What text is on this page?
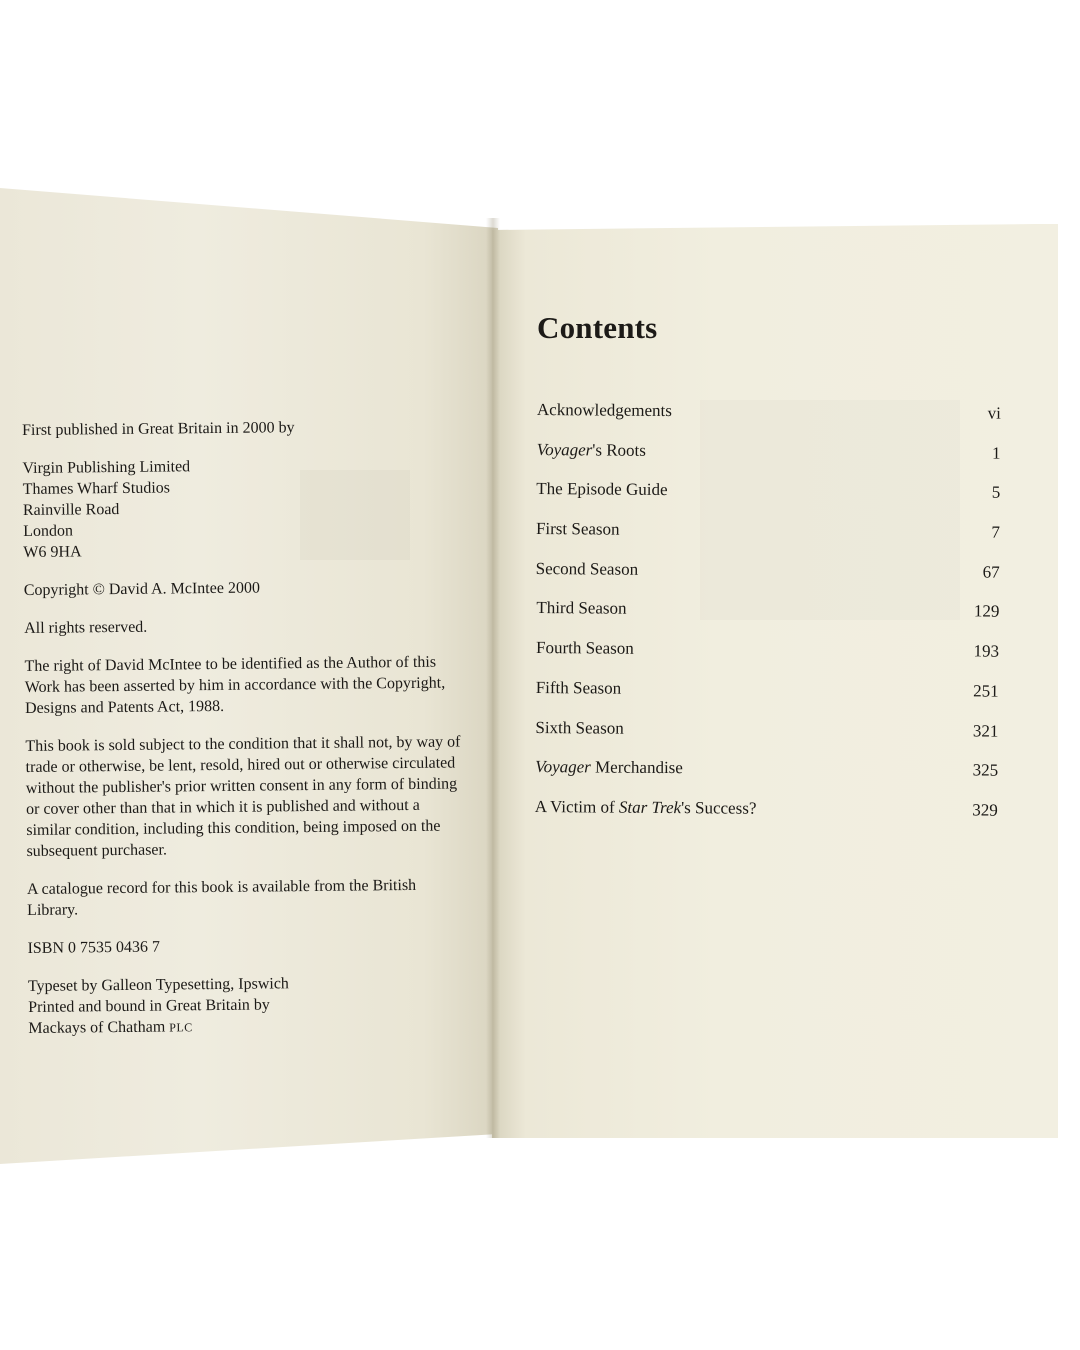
First published in Great Britain in 2000 by

Virgin Publishing Limited
Thames Wharf Studios
Rainville Road
London
W6 9HA

Copyright © David A. McIntee 2000

All rights reserved.

The right of David McIntee to be identified as the Author of this Work has been asserted by him in accordance with the Copyright, Designs and Patents Act, 1988.

This book is sold subject to the condition that it shall not, by way of trade or otherwise, be lent, resold, hired out or otherwise circulated without the publisher's prior written consent in any form of binding or cover other than that in which it is published and without a similar condition, including this condition, being imposed on the subsequent purchaser.

A catalogue record for this book is available from the British Library.

ISBN 0 7535 0436 7

Typeset by Galleon Typesetting, Ipswich
Printed and bound in Great Britain by
Mackays of Chatham PLC

Contents
Acknowledgements	vi
Voyager's Roots	1
The Episode Guide	5
First Season	7
Second Season	67
Third Season	129
Fourth Season	193
Fifth Season	251
Sixth Season	321
Voyager Merchandise	325
A Victim of Star Trek's Success?	329
